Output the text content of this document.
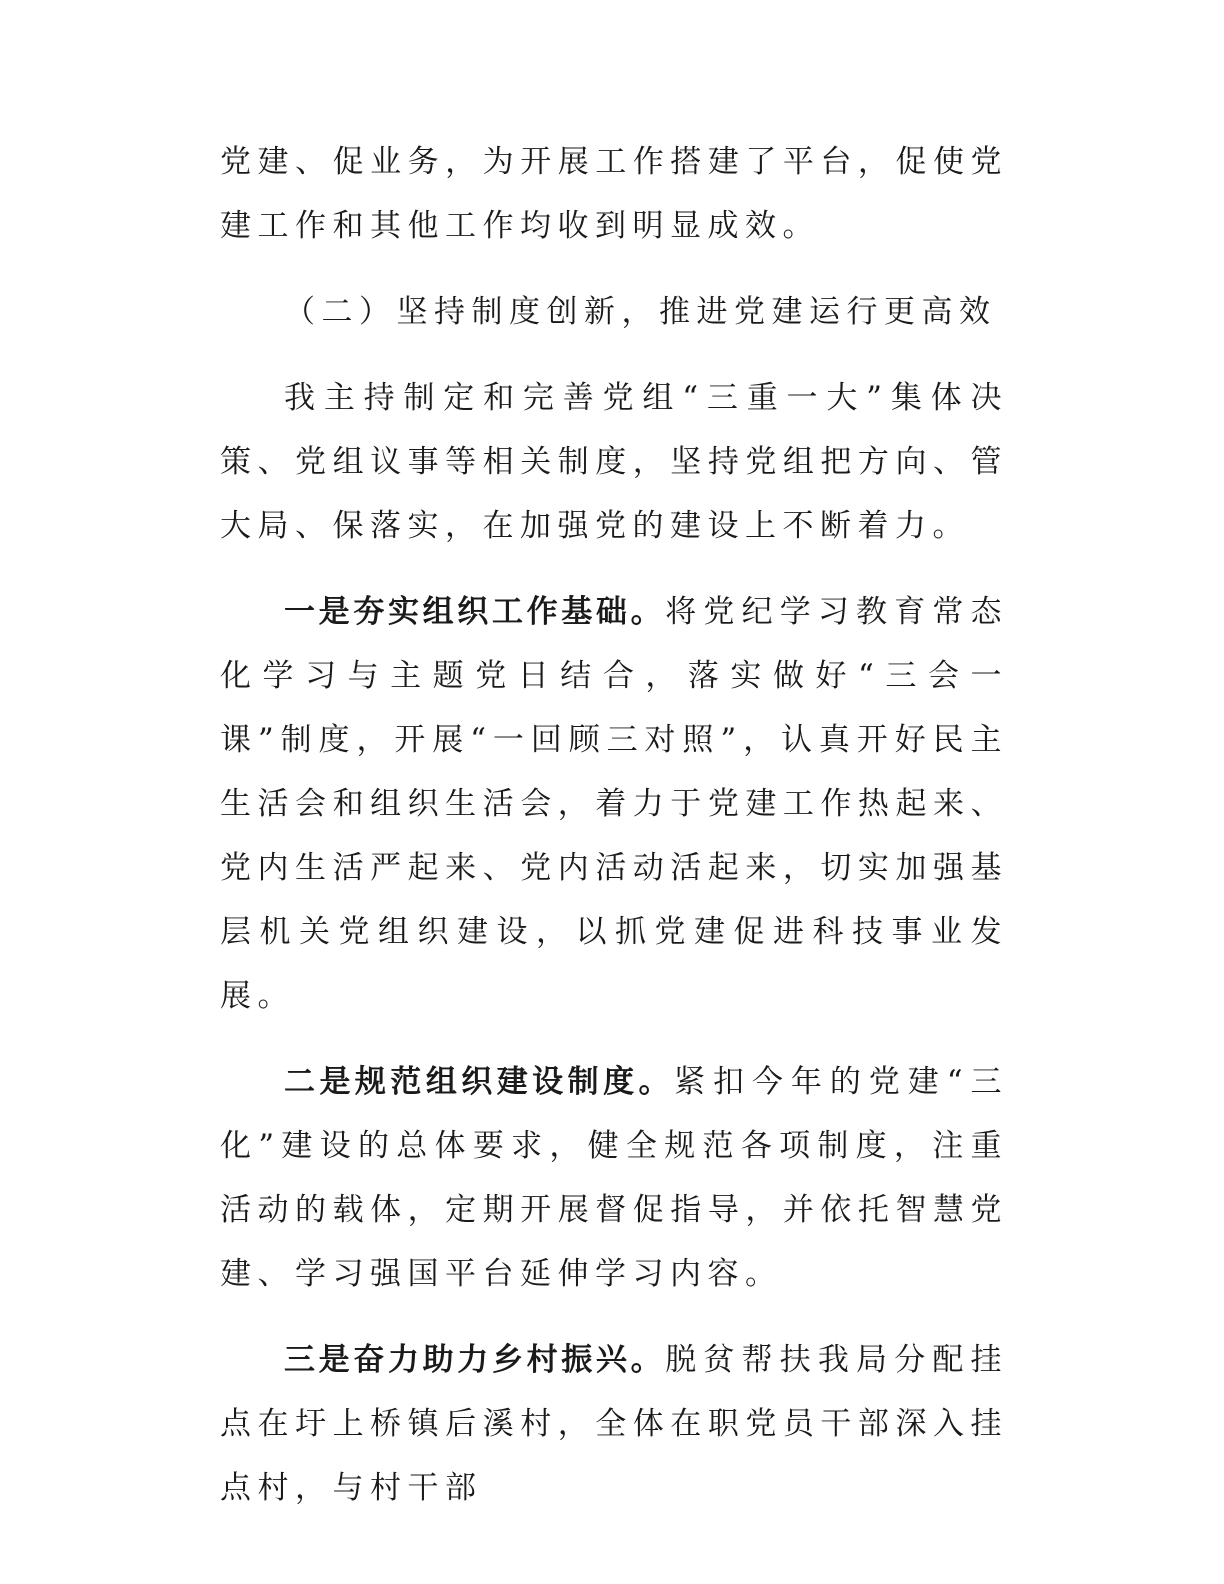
党建、促业务，为开展工作搭建了平台，促使党建工作和其他工作均收到明显成效。

（二）坚持制度创新，推进党建运行更高效

我主持制定和完善党组“三重一大”集体决策、党组议事等相关制度，坚持党组把方向、管大局、保落实，在加强党的建设上不断着力。

一是夯实组织工作基础。将党纪学习教育常态化学习与主题党日结合，落实做好“三会一课”制度，开展“一回顾三对照”，认真开好民主生活会和组织生活会，着力于党建工作热起来、党内生活严起来、党内活动活起来，切实加强基层机关党组织建设，以抓党建促进科技事业发展。

二是规范组织建设制度。紧扣今年的党建“三化”建设的总体要求，健全规范各项制度，注重活动的载体，定期开展督促指导，并依托智慧党建、学习强国平台延伸学习内容。

三是奋力助力乡村振兴。脱贫帮扶我局分配挂点在圩上桥镇后溪村，全体在职党员干部深入挂点村，与村干部
